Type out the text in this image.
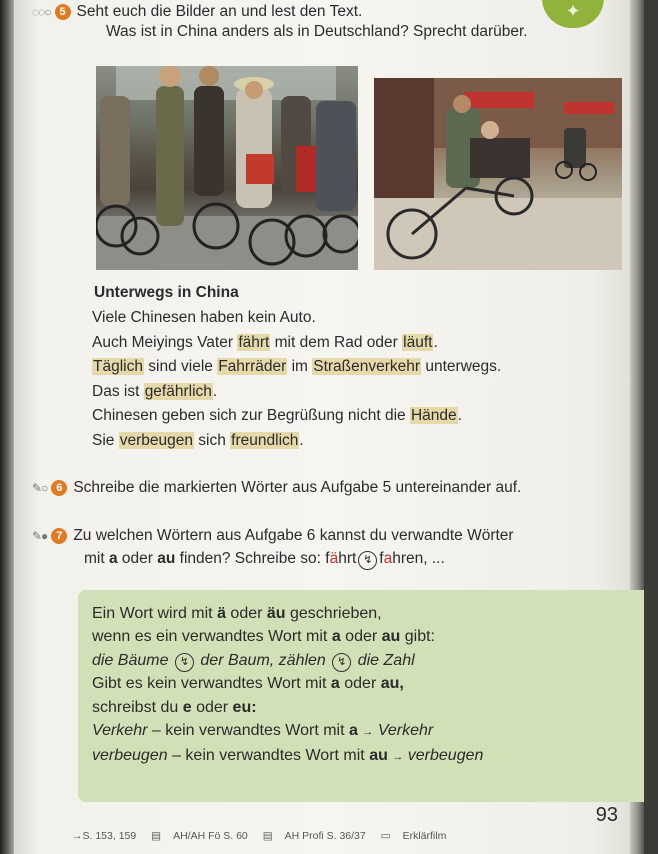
✦
◌◌○ 5 Seht euch die Bilder an und lest den Text.
Was ist in China anders als in Deutschland? Sprecht darüber.
Unterwegs in China
Viele Chinesen haben kein Auto.
Auch Meiyings Vater fährt mit dem Rad oder läuft.
Täglich sind viele Fahrräder im Straßenverkehr unterwegs.
Das ist gefährlich.
Chinesen geben sich zur Begrüßung nicht die Hände.
Sie verbeugen sich freundlich.
✎○ 6 Schreibe die markierten Wörter aus Aufgabe 5 untereinander auf.
✎● 7 Zu welchen Wörtern aus Aufgabe 6 kannst du verwandte Wörter
mit a oder au finden? Schreibe so: fährt ↯ fahren, ...
Ein Wort wird mit ä oder äu geschrieben,
wenn es ein verwandtes Wort mit a oder au gibt:
die Bäume ↯ der Baum, zählen ↯ die Zahl
Gibt es kein verwandtes Wort mit a oder au,
schreibst du e oder eu:
Verkehr – kein verwandtes Wort mit a → Verkehr
verbeugen – kein verwandtes Wort mit au → verbeugen
93
→S. 153, 159 ▤ AH/AH Fö S. 60 ▤ AH Profi S. 36/37 ▭ Erklärfilm
